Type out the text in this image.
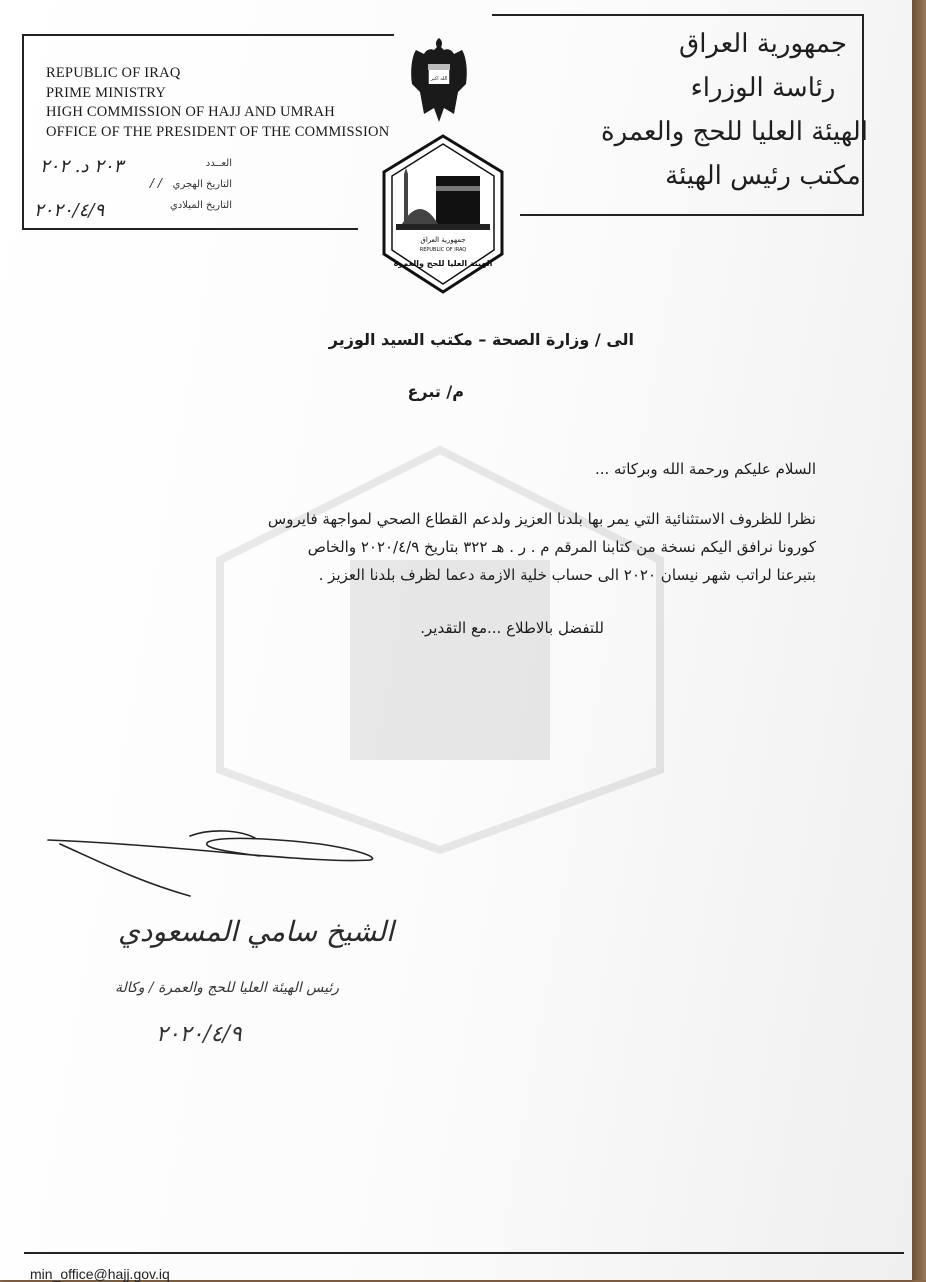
REPUBLIC OF IRAQ
PRIME MINISTRY
HIGH COMMISSION OF HAJJ AND UMRAH
OFFICE OF THE PRESIDENT OF THE COMMISSION
العــدد
التاريخ الهجري
التاريخ الميلادي
٢٠٣ د. ٢٠٢
/ /
٢٠٢٠/٤/٩
جمهورية العراق
رئاسة الوزراء
الهيئة العليا للحج والعمرة
مكتب رئيس الهيئة
الله اكبر
جمهورية العراق
REPUBLIC OF IRAQ
الهيئة العليا للحج والعمرة
الى / وزارة الصحة – مكتب السيد الوزير
م/ تبرع
السلام عليكم ورحمة الله وبركاته ...
نظرا للظروف الاستثنائية التي يمر بها بلدنا العزيز ولدعم القطاع الصحي لمواجهة فايروس
كورونا نرافق اليكم نسخة من كتابنا المرقم م . ر . هـ ٣٢٢ بتاريخ ٢٠٢٠/٤/٩ والخاص
بتبرعنا لراتب شهر نيسان ٢٠٢٠ الى حساب خلية الازمة دعما لظرف بلدنا العزيز .
للتفضل بالاطلاع ...مع التقدير.
الشيخ سامي المسعودي
رئيس الهيئة العليا للحج والعمرة / وكالة
٢٠٢٠/٤/٩
min_office@hajj.gov.iq
